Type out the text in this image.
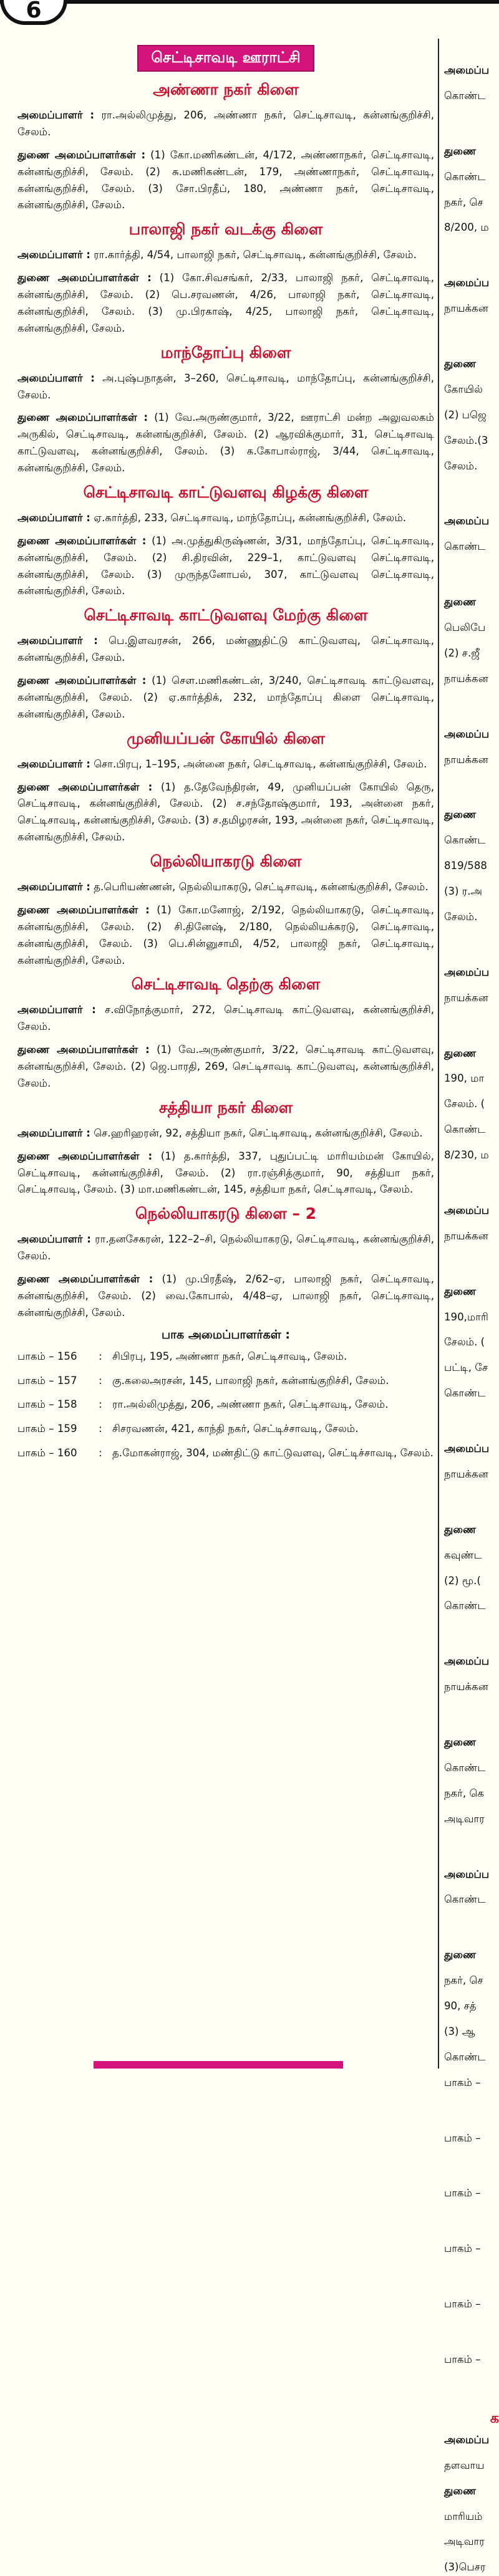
6
செட்டிசாவடி ஊராட்சி
அண்ணா நகர் கிளை

அமைப்பாளர் : ரா.அல்லிமுத்து, 206, அண்ணா நகர், செட்டிசாவடி, கன்னங்குறிச்சி, சேலம்.

துணை அமைப்பாளர்கள் : (1) கோ.மணிகண்டன், 4/172, அண்ணாநகர், செட்டிசாவடி, கன்னங்குறிச்சி, சேலம். (2) சு.மணிகண்டன், 179, அண்ணாநகர், செட்டிசாவடி, கன்னங்குறிச்சி, சேலம். (3) சோ.பிரதீப், 180, அண்ணா நகர், செட்டிசாவடி, கன்னங்குறிச்சி, சேலம்.

பாலாஜி நகர் வடக்கு கிளை

அமைப்பாளர் : ரா.கார்த்தி, 4/54, பாலாஜி நகர், செட்டிசாவடி, கன்னங்குறிச்சி, சேலம்.

துணை அமைப்பாளர்கள் : (1) கோ.சிவசங்கர், 2/33, பாலாஜி நகர், செட்டிசாவடி, கன்னங்குறிச்சி, சேலம். (2) பெ.சரவணன், 4/26, பாலாஜி நகர், செட்டிசாவடி, கன்னங்குறிச்சி, சேலம். (3) மு.பிரகாஷ், 4/25, பாலாஜி நகர், செட்டிசாவடி, கன்னங்குறிச்சி, சேலம்.

மாந்தோப்பு கிளை

அமைப்பாளர் : அ.புஷ்பநாதன், 3–260, செட்டிசாவடி, மாந்தோப்பு, கன்னங்குறிச்சி, சேலம்.

துணை அமைப்பாளர்கள் : (1) வே.அருண்குமார், 3/22, ஊராட்சி மன்ற அலுவலகம் அருகில், செட்டிசாவடி, கன்னங்குறிச்சி, சேலம். (2) ஆரவிக்குமார், 31, செட்டிசாவடி காட்டுவளவு, கன்னங்குறிச்சி, சேலம். (3) க.கோபால்ராஜ், 3/44, செட்டிசாவடி, கன்னங்குறிச்சி, சேலம்.

செட்டிசாவடி காட்டுவளவு கிழக்கு கிளை

அமைப்பாளர் : ஏ.கார்த்தி, 233, செட்டிசாவடி, மாந்தோப்பு, கன்னங்குறிச்சி, சேலம்.

துணை அமைப்பாளர்கள் : (1) அ.முத்துகிருஷ்ணன், 3/31, மாந்தோப்பு, செட்டிசாவடி, கன்னங்குறிச்சி, சேலம். (2) சி.திரவின், 229–1, காட்டுவளவு செட்டிசாவடி, கன்னங்குறிச்சி, சேலம். (3) முருந்தனோபல், 307, காட்டுவளவு செட்டிசாவடி, கன்னங்குறிச்சி, சேலம்.

செட்டிசாவடி காட்டுவளவு மேற்கு கிளை

அமைப்பாளர் : பெ.இளவரசன், 266, மண்ணுதிட்டு காட்டுவளவு, செட்டிசாவடி, கன்னங்குறிச்சி, சேலம்.

துணை அமைப்பாளர்கள் : (1) செள.மணிகண்டன், 3/240, செட்டிசாவடி காட்டுவளவு, கன்னங்குறிச்சி, சேலம். (2) ஏ.கார்த்திக், 232, மாந்தோப்பு கிளை செட்டிசாவடி, கன்னங்குறிச்சி, சேலம்.

முனியப்பன் கோயில் கிளை

அமைப்பாளர் : சொ.பிரபு, 1–195, அன்னை நகர், செட்டிசாவடி, கன்னங்குறிச்சி, சேலம்.

துணை அமைப்பாளர்கள் : (1) த.தேவேந்திரன், 49, முனியப்பன் கோயில் தெரு, செட்டிசாவடி, கன்னங்குறிச்சி, சேலம். (2) ச.சந்தோஷ்குமார், 193, அன்னை நகர், செட்டிசாவடி, கன்னங்குறிச்சி, சேலம். (3) ச.தமிழரசன், 193, அன்னை நகர், செட்டிசாவடி, கன்னங்குறிச்சி, சேலம்.

நெல்லியாகரடு கிளை

அமைப்பாளர் : த.பெரியண்ணன், நெல்லியாகரடு, செட்டிசாவடி, கன்னங்குறிச்சி, சேலம்.

துணை அமைப்பாளர்கள் : (1) கோ.மனோஜ், 2/192, நெல்லியாகரடு, செட்டிசாவடி, கன்னங்குறிச்சி, சேலம். (2) சி.தினேஷ், 2/180, நெல்லியக்கரடு, செட்டிசாவடி, கன்னங்குறிச்சி, சேலம். (3) பெ.சின்னுசாமி, 4/52, பாலாஜி நகர், செட்டிசாவடி, கன்னங்குறிச்சி, சேலம்.

செட்டிசாவடி தெற்கு கிளை

அமைப்பாளர் : ச.விநோத்குமார், 272, செட்டிசாவடி காட்டுவளவு, கன்னங்குறிச்சி, சேலம்.

துணை அமைப்பாளர்கள் : (1) வே.அருண்குமார், 3/22, செட்டிசாவடி காட்டுவளவு, கன்னங்குறிச்சி, சேலம். (2) ஜெ.பாரதி, 269, செட்டிசாவடி காட்டுவளவு, கன்னங்குறிச்சி, சேலம்.

சத்தியா நகர் கிளை

அமைப்பாளர் : செ.ஹரிஹரன், 92, சத்தியா நகர், செட்டிசாவடி, கன்னங்குறிச்சி, சேலம்.

துணை அமைப்பாளர்கள் : (1) த.கார்த்தி, 337, புதுப்பட்டி மாரியம்மன் கோயில், செட்டிசாவடி, கன்னங்குறிச்சி, சேலம். (2) ரா.ரஞ்சித்குமார், 90, சத்தியா நகர், செட்டிசாவடி, சேலம். (3) மா.மணிகண்டன், 145, சத்தியா நகர், செட்டிசாவடி, சேலம்.

நெல்லியாகரடு கிளை – 2

அமைப்பாளர் : ரா.தனசேகரன், 122–2–சி, நெல்லியாகரடு, செட்டிசாவடி, கன்னங்குறிச்சி, சேலம்.

துணை அமைப்பாளர்கள் : (1) மு.பிரதீஷ், 2/62–ஏ, பாலாஜி நகர், செட்டிசாவடி, கன்னங்குறிச்சி, சேலம். (2) வை.கோபால், 4/48–ஏ, பாலாஜி நகர், செட்டிசாவடி, கன்னங்குறிச்சி, சேலம்.

பாக அமைப்பாளர்கள் :
பாகம் – 156	: சிபிரபு, 195, அண்ணா நகர், செட்டிசாவடி, சேலம்.
பாகம் – 157	: கு.கலைஅரசன், 145, பாலாஜி நகர், கன்னங்குறிச்சி, சேலம்.
பாகம் – 158	: ரா.அல்லிமுத்து, 206, அண்ணா நகர், செட்டிசாவடி, சேலம்.
பாகம் – 159	: சிசரவணன், 421, காந்தி நகர், செட்டிச்சாவடி, சேலம்.
பாகம் – 160	: த.மோகன்ராஜ், 304, மண்திட்டு காட்டுவளவு, செட்டிச்சாவடி, சேலம்.
அமைப்ப
கொண்ட
துணை
கொண்ட
நகர், செ
8/200, ம
அமைப்ப
நாயக்கன
துணை
கோயில்
(2) பஜெ
சேலம்.(3
சேலம்.
அமைப்ப
கொண்ட
துணை
பெலிபே
(2) ச.ஜீ
நாயக்கன
அமைப்ப
நாயக்கன
துணை
கொண்ட
819/588
(3) ர.அ
சேலம்.
அமைப்ப
நாயக்கன
துணை
190, மா
சேலம். (
கொண்ட
8/230, ம
அமைப்ப
நாயக்கன
துணை
190,மாரி
சேலம். (
பட்டி, சே
கொண்ட
அமைப்ப
நாயக்கன
துணை
கவுண்ட
(2) மூ.(
கொண்ட
அமைப்ப
நாயக்கன
துணை
கொண்ட
நகர், கெ
அடிவார
அமைப்ப
கொண்ட
துணை
நகர், செ
90, சத்
(3) ஆ
கொண்ட
பாகம் –
பாகம் –
பாகம் –
பாகம் –
பாகம் –
பாகம் –
க
அமைப்ப
தளவாய
துணை
மாரியம்
அடிவார
(3)பெசர
